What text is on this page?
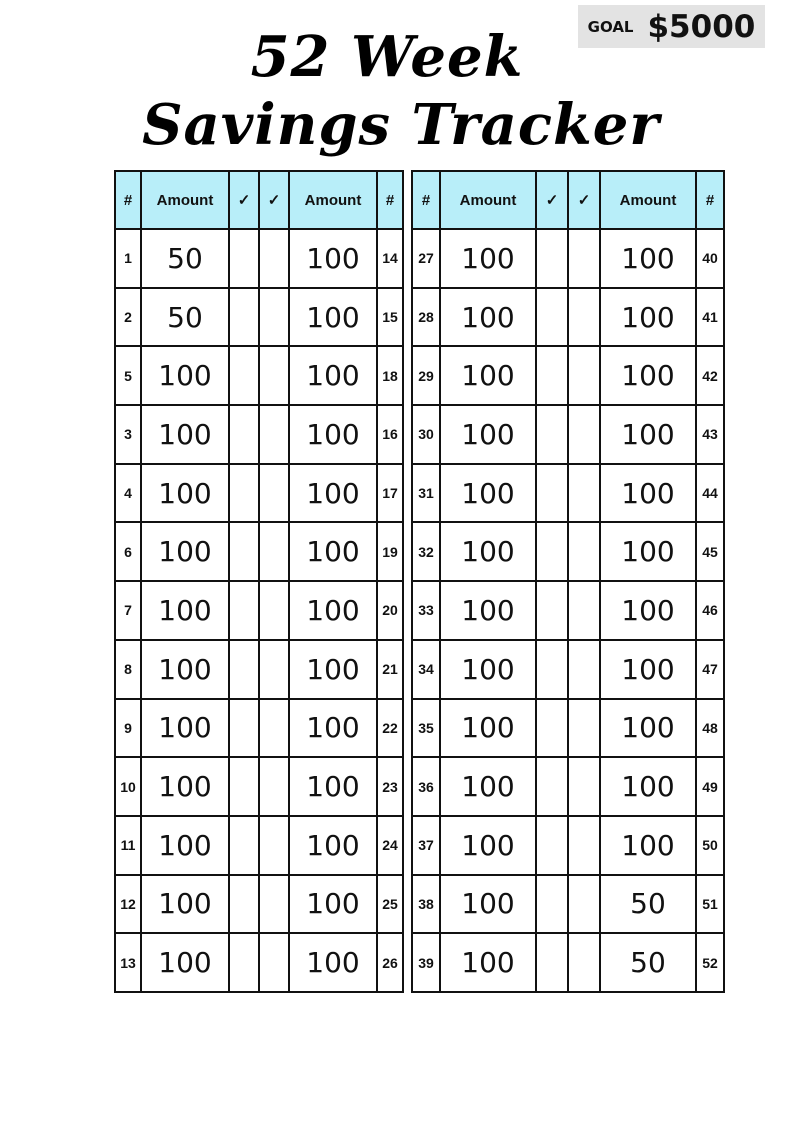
52 Week
Savings Tracker
GOAL $5000
#	Amount	✓	✓	Amount	#
1	50			100	14
2	50			100	15
5	100			100	18
3	100			100	16
4	100			100	17
6	100			100	19
7	100			100	20
8	100			100	21
9	100			100	22
10	100			100	23
11	100			100	24
12	100			100	25
13	100			100	26
#	Amount	✓	✓	Amount	#
27	100			100	40
28	100			100	41
29	100			100	42
30	100			100	43
31	100			100	44
32	100			100	45
33	100			100	46
34	100			100	47
35	100			100	48
36	100			100	49
37	100			100	50
38	100			50	51
39	100			50	52
